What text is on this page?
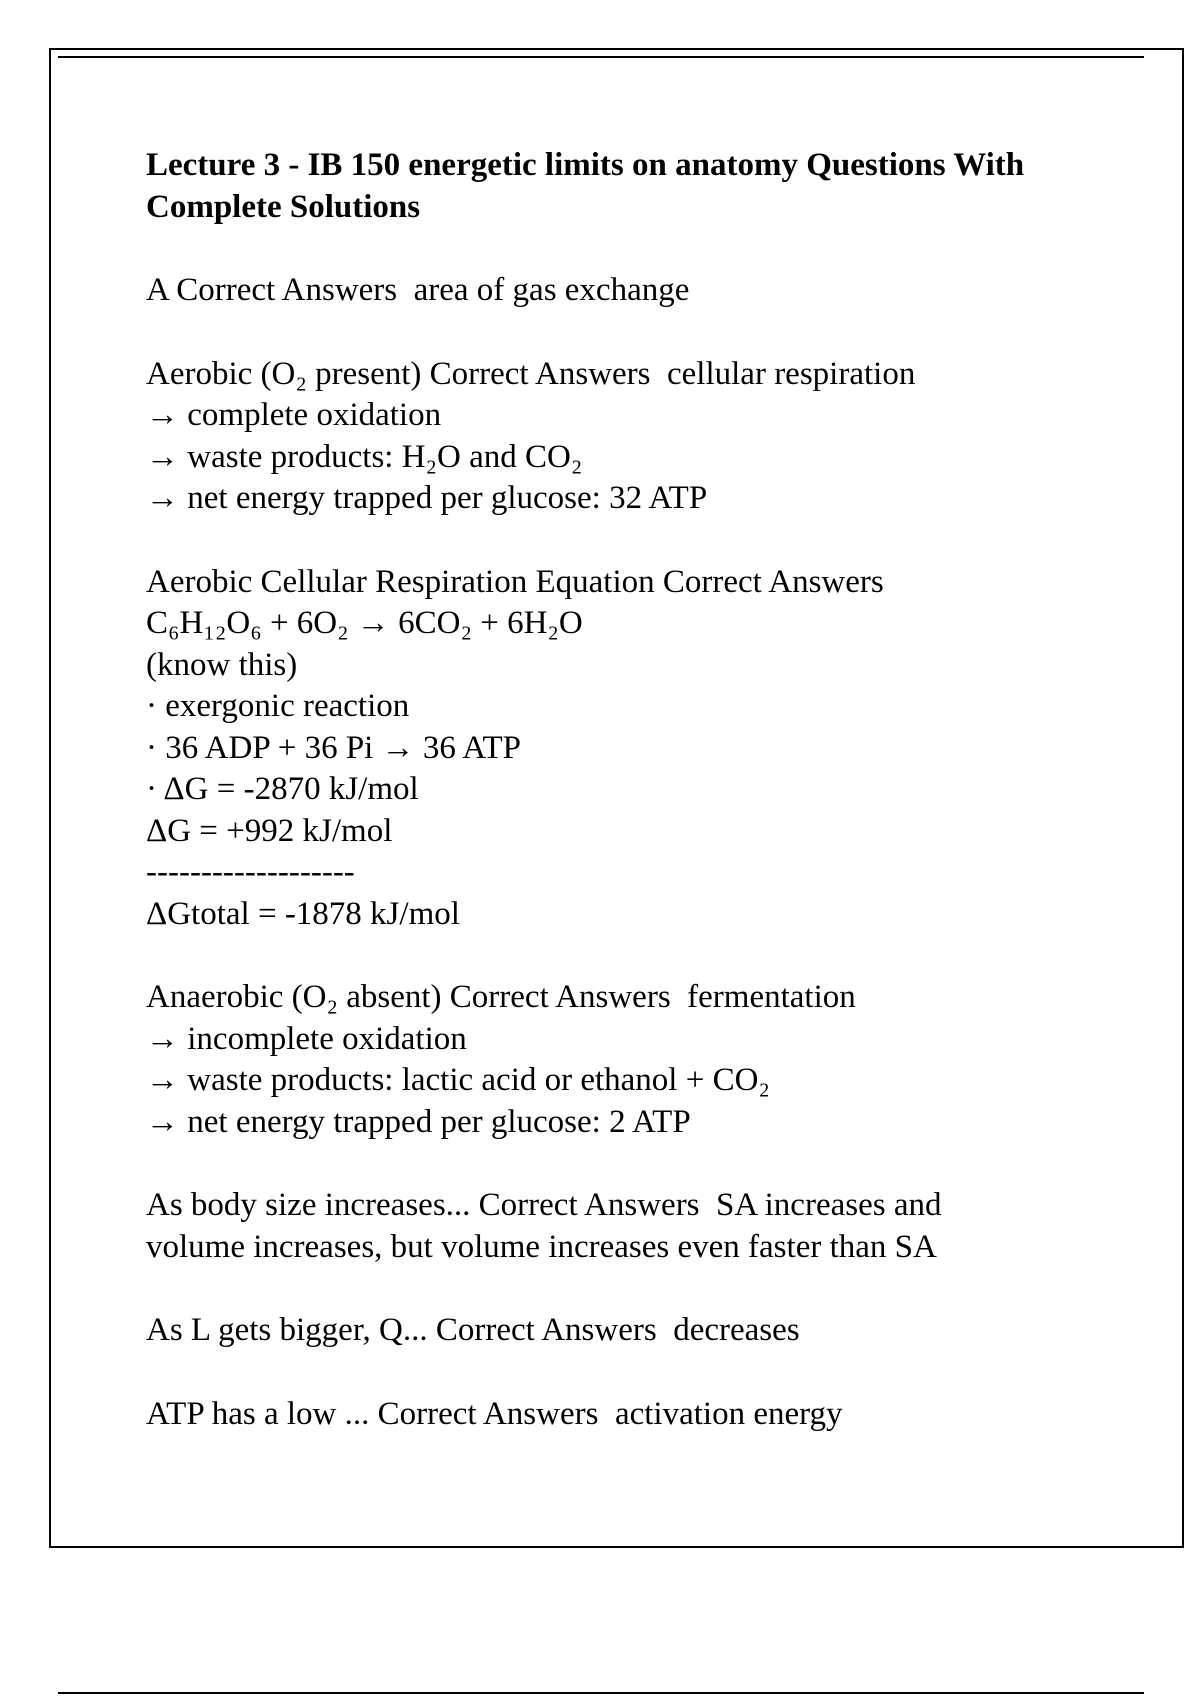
Lecture 3 - IB 150 energetic limits on anatomy Questions With Complete Solutions
A Correct Answers  area of gas exchange
Aerobic (O₂ present) Correct Answers  cellular respiration
→ complete oxidation
→ waste products: H₂O and CO₂
→ net energy trapped per glucose: 32 ATP
Aerobic Cellular Respiration Equation Correct Answers
C₆H₁₂O₆ + 6O₂ → 6CO₂ + 6H₂O
(know this)
· exergonic reaction
· 36 ADP + 36 Pi → 36 ATP
· ΔG = -2870 kJ/mol
ΔG = +992 kJ/mol
-------------------
ΔGtotal = -1878 kJ/mol
Anaerobic (O₂ absent) Correct Answers  fermentation
→ incomplete oxidation
→ waste products: lactic acid or ethanol + CO₂
→ net energy trapped per glucose: 2 ATP
As body size increases... Correct Answers  SA increases and
volume increases, but volume increases even faster than SA
As L gets bigger, Q... Correct Answers  decreases
ATP has a low ... Correct Answers  activation energy
